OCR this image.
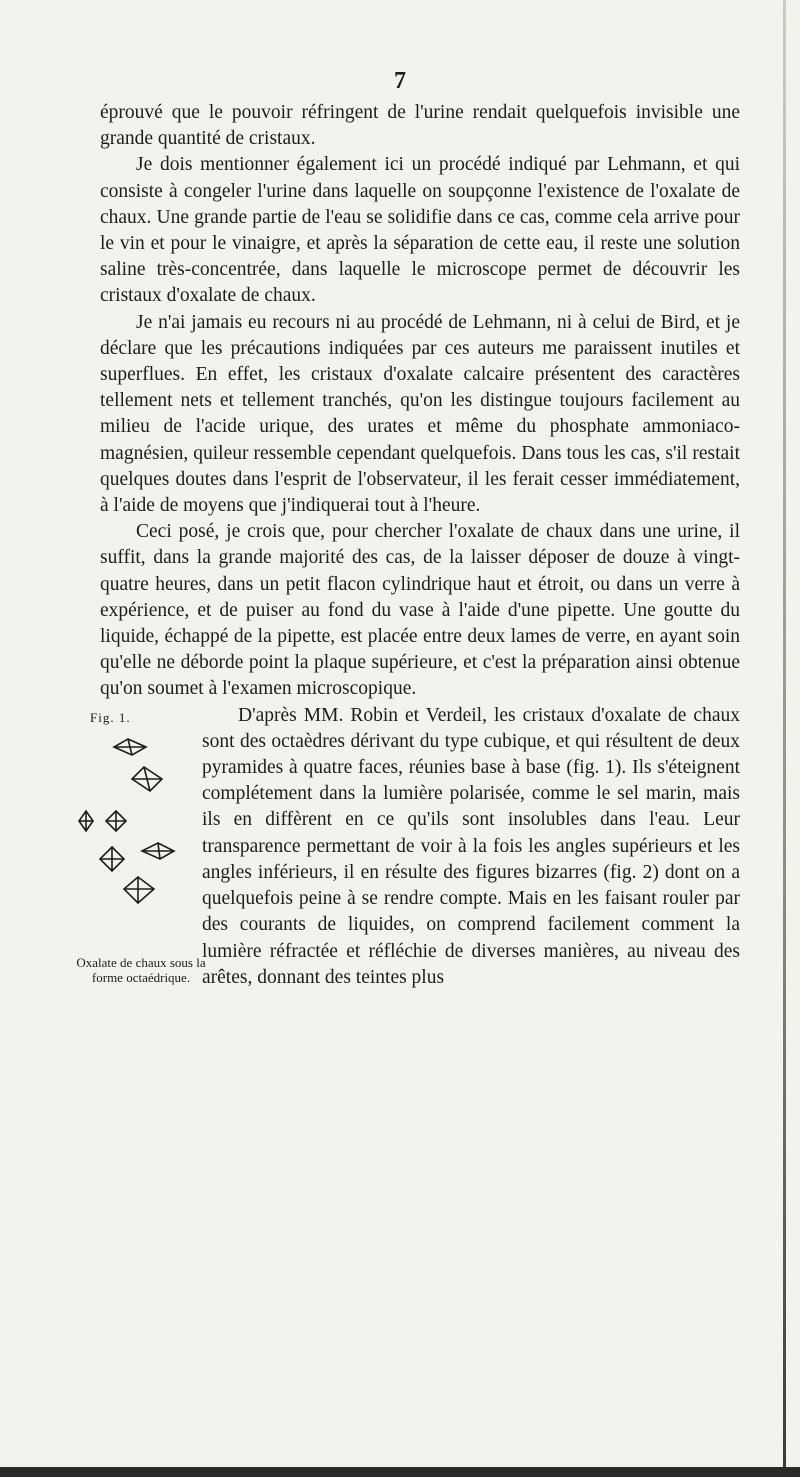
7

éprouvé que le pouvoir réfringent de l'urine rendait quelquefois invisible une grande quantité de cristaux.

Je dois mentionner également ici un procédé indiqué par Lehmann, et qui consiste à congeler l'urine dans laquelle on soupçonne l'existence de l'oxalate de chaux. Une grande partie de l'eau se solidifie dans ce cas, comme cela arrive pour le vin et pour le vinaigre, et après la séparation de cette eau, il reste une solution saline très-concentrée, dans laquelle le microscope permet de découvrir les cristaux d'oxalate de chaux.

Je n'ai jamais eu recours ni au procédé de Lehmann, ni à celui de Bird, et je déclare que les précautions indiquées par ces auteurs me paraissent inutiles et superflues. En effet, les cristaux d'oxalate calcaire présentent des caractères tellement nets et tellement tranchés, qu'on les distingue toujours facilement au milieu de l'acide urique, des urates et même du phosphate ammoniaco-magnésien, quileur ressemble cependant quelquefois. Dans tous les cas, s'il restait quelques doutes dans l'esprit de l'observateur, il les ferait cesser immédiatement, à l'aide de moyens que j'indiquerai tout à l'heure.

Ceci posé, je crois que, pour chercher l'oxalate de chaux dans une urine, il suffit, dans la grande majorité des cas, de la laisser déposer de douze à vingt-quatre heures, dans un petit flacon cylindrique haut et étroit, ou dans un verre à expérience, et de puiser au fond du vase à l'aide d'une pipette. Une goutte du liquide, échappé de la pipette, est placée entre deux lames de verre, en ayant soin qu'elle ne déborde point la plaque supérieure, et c'est la préparation ainsi obtenue qu'on soumet à l'examen microscopique.

Fig. 1.
Oxalate de chaux sous la forme octaédrique.

D'après MM. Robin et Verdeil, les cristaux d'oxalate de chaux sont des octaèdres dérivant du type cubique, et qui résultent de deux pyramides à quatre faces, réunies base à base (fig. 1). Ils s'éteignent complétement dans la lumière polarisée, comme le sel marin, mais ils en diffèrent en ce qu'ils sont insolubles dans l'eau. Leur transparence permettant de voir à la fois les angles supérieurs et les angles inférieurs, il en résulte des figures bizarres (fig. 2) dont on a quelquefois peine à se rendre compte. Mais en les faisant rouler par des courants de liquides, on comprend facilement comment la lumière réfractée et réfléchie de diverses manières, au niveau des arêtes, donnant des teintes plus
